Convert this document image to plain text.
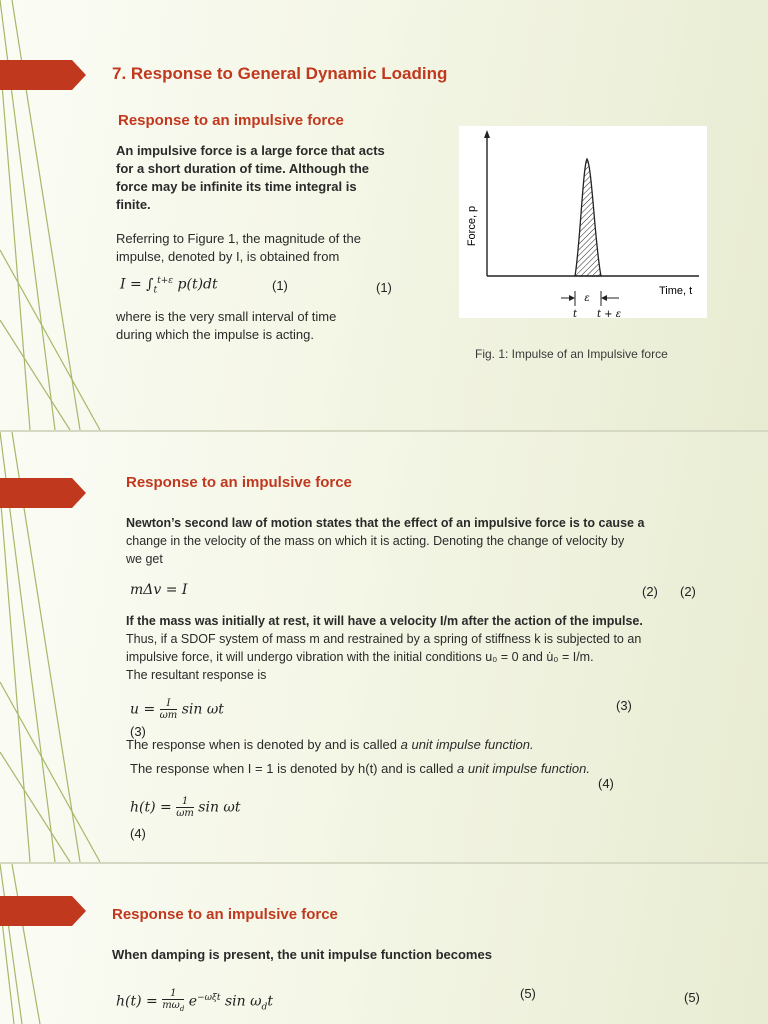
7. Response to General Dynamic Loading
Response to an impulsive force
An impulsive force is a large force that acts
for a short duration of time. Although the
force may be infinite its time integral is
finite.
Referring to Figure 1, the magnitude of the
impulse, denoted by I, is obtained from
$I = \int_t^{t+\varepsilon}$ p(t)dt	(1)	(1)
where is the very small interval of time
during which the impulse is acting.
ε
t t + ε
Time, t
Force, p
Fig. 1: Impulse of an Impulsive force
Response to an impulsive force
Newton’s second law of motion states that the effect of an impulsive force is to cause a
change in the velocity of the mass on which it is acting. Denoting the change of velocity by
we get
mΔv = I	(2) (2)
If the mass was initially at rest, it will have a velocity I/m after the action of the impulse.
Thus, if a SDOF system of mass m and restrained by a spring of stiffness k is subjected to an
impulsive force, it will undergo vibration with the initial conditions u₀ = 0 and u̇₀ = I/m.
The resultant response is
$u = \frac{I}{\omega m}$ sin ωt	(3)
(3)
The response when is denoted by and is called a unit impulse function.
The response when I = 1 is denoted by h(t) and is called a unit impulse function.
(4)
$h(t) = \frac{1}{\omega m}$ sin ωt
(4)
Response to an impulsive force
When damping is present, the unit impulse function becomes
$h(t) = \frac{1}{m\omega_d} e^{-\omega\xi t}$ $\sin \omega_dt$	(5)	(5)
